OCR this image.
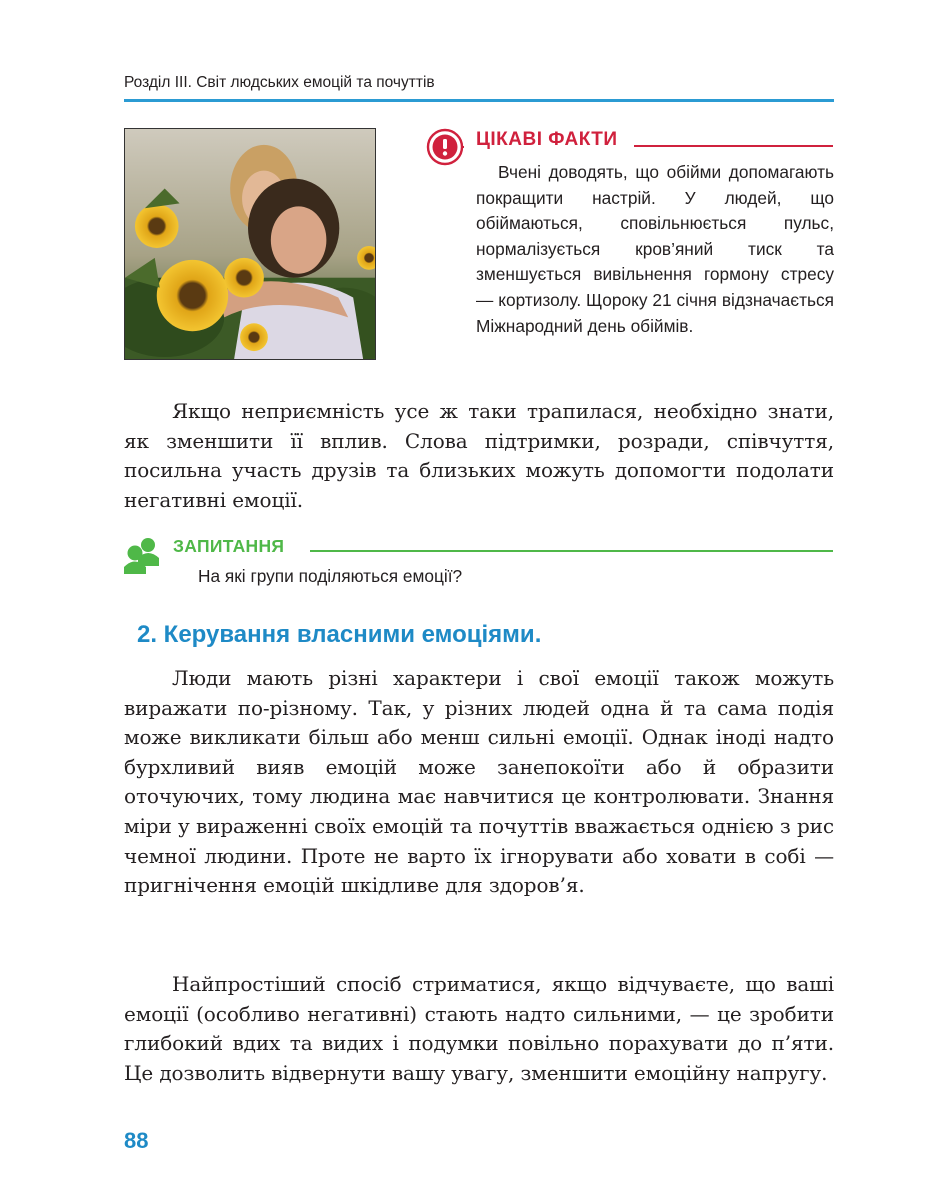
Розділ ІІІ. Світ людських емоцій та почуттів
ЦІКАВІ ФАКТИ

Вчені доводять, що обійми допомагають покращити настрій. У людей, що обіймаються, сповільнюється пульс, нормалізується кров’яний тиск та зменшується вивільнення гормону стресу — кортизолу. Щороку 21 січня відзначається Міжнародний день обіймів.

Якщо неприємність усе ж таки трапилася, необхідно знати, як зменшити її вплив. Слова підтримки, розради, співчуття, посильна участь друзів та близьких можуть допомогти подолати негативні емоції.

ЗАПИТАННЯ
На які групи поділяються емоції?
2. Керування власними емоціями.

Люди мають різні характери і свої емоції також можуть виражати по-різному. Так, у різних людей одна й та сама подія може викликати більш або менш сильні емоції. Однак іноді надто бурхливий вияв емоцій може занепокоїти або й образити оточуючих, тому людина має навчитися це контролювати. Знання міри у вираженні своїх емоцій та почуттів вважається однією з рис чемної людини. Проте не варто їх ігнорувати або ховати в собі — пригнічення емоцій шкідливе для здоров’я.

Найпростіший спосіб стриматися, якщо відчуваєте, що ваші емоції (особливо негативні) стають надто сильними, — це зробити глибокий вдих та видих і подумки повільно порахувати до п’яти. Це дозволить відвернути вашу увагу, зменшити емоційну напругу.

88
